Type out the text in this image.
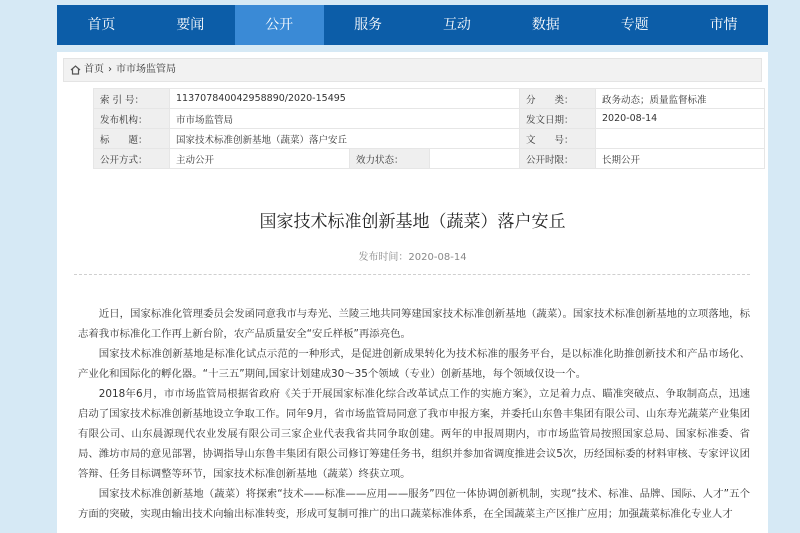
首页	要闻	公开	服务	互动	数据	专题	市情
首页 › 市市场监管局
索 引 号：	113707840042958890/2020-15495			分　　类：	政务动态；质量监督标准
发布机构：	市市场监管局			发文日期：	2020-08-14
标　　题：	国家技术标准创新基地（蔬菜）落户安丘			文　　号：	
公开方式：	主动公开	效力状态：		公开时限：	长期公开
国家技术标准创新基地（蔬菜）落户安丘
发布时间：2020-08-14

近日，国家标准化管理委员会发函同意我市与寿光、兰陵三地共同筹建国家技术标准创新基地（蔬菜）。国家技术标准创新基地的立项落地，标志着我市标准化工作再上新台阶，农产品质量安全“安丘样板”再添亮色。

国家技术标准创新基地是标准化试点示范的一种形式，是促进创新成果转化为技术标准的服务平台，是以标准化助推创新技术和产品市场化、产业化和国际化的孵化器。“十三五”期间,国家计划建成30～35个领域（专业）创新基地，每个领域仅设一个。

2018年6月，市市场监管局根据省政府《关于开展国家标准化综合改革试点工作的实施方案》，立足着力点、瞄准突破点、争取制高点，迅速启动了国家技术标准创新基地设立争取工作。同年9月，省市场监管局同意了我市申报方案，并委托山东鲁丰集团有限公司、山东寿光蔬菜产业集团有限公司、山东晨源现代农业发展有限公司三家企业代表我省共同争取创建。两年的申报周期内，市市场监管局按照国家总局、国家标准委、省局、潍坊市局的意见部署，协调指导山东鲁丰集团有限公司修订筹建任务书，组织并参加省调度推进会议5次，历经国标委的材料审核、专家评议团答辩、任务目标调整等环节，国家技术标准创新基地（蔬菜）终获立项。

国家技术标准创新基地（蔬菜）将探索“技术——标准——应用——服务”四位一体协调创新机制，实现“技术、标准、品牌、国际、人才”五个方面的突破，实现由输出技术向输出标准转变，形成可复制可推广的出口蔬菜标准体系，在全国蔬菜主产区推广应用；加强蔬菜标准化专业人才
